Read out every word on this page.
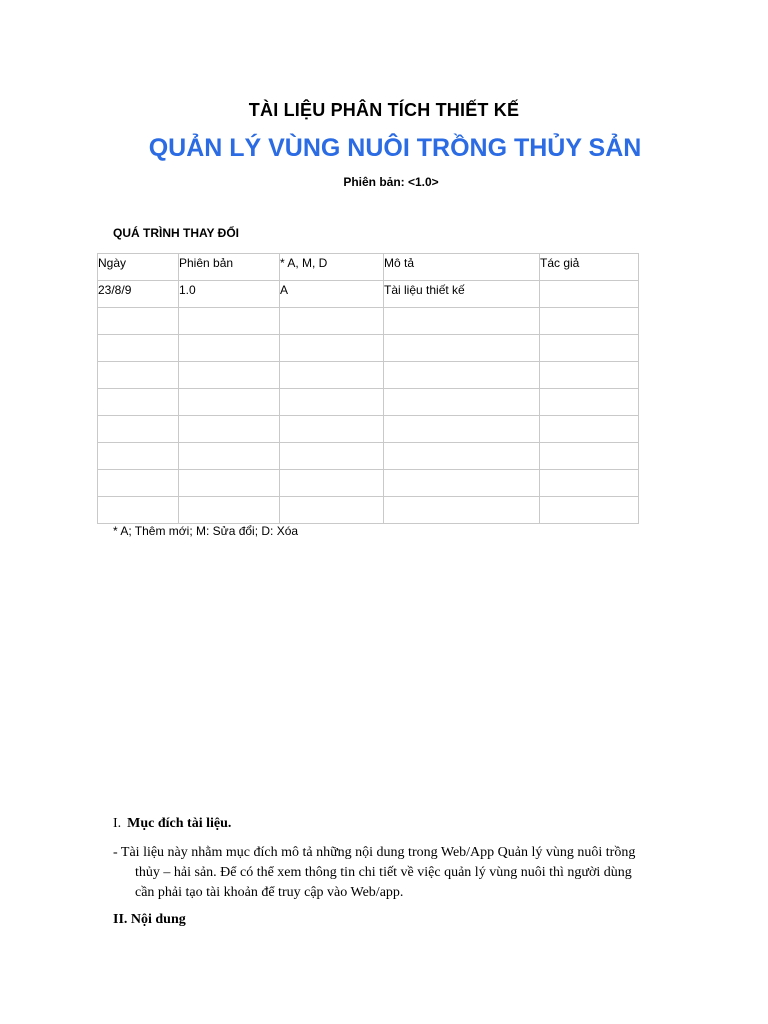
TÀI LIỆU PHÂN TÍCH THIẾT KẾ
QUẢN LÝ VÙNG NUÔI TRỒNG THỦY SẢN
Phiên bản: <1.0>
QUÁ TRÌNH THAY ĐỔI
Ngày	Phiên bản	* A, M, D	Mô tả	Tác giả

23/8/9	1.0	A	Tài liệu thiết kế	

* A; Thêm mới; M: Sửa đổi; D: Xóa
I. Mục đích tài liệu.
- Tài liệu này nhằm mục đích mô tả những nội dung trong Web/App Quản lý vùng nuôi trồng
thủy – hải sản. Để có thể xem thông tin chi tiết về việc quản lý vùng nuôi thì người dùng
cần phải tạo tài khoản để truy cập vào Web/app.
II. Nội dung
